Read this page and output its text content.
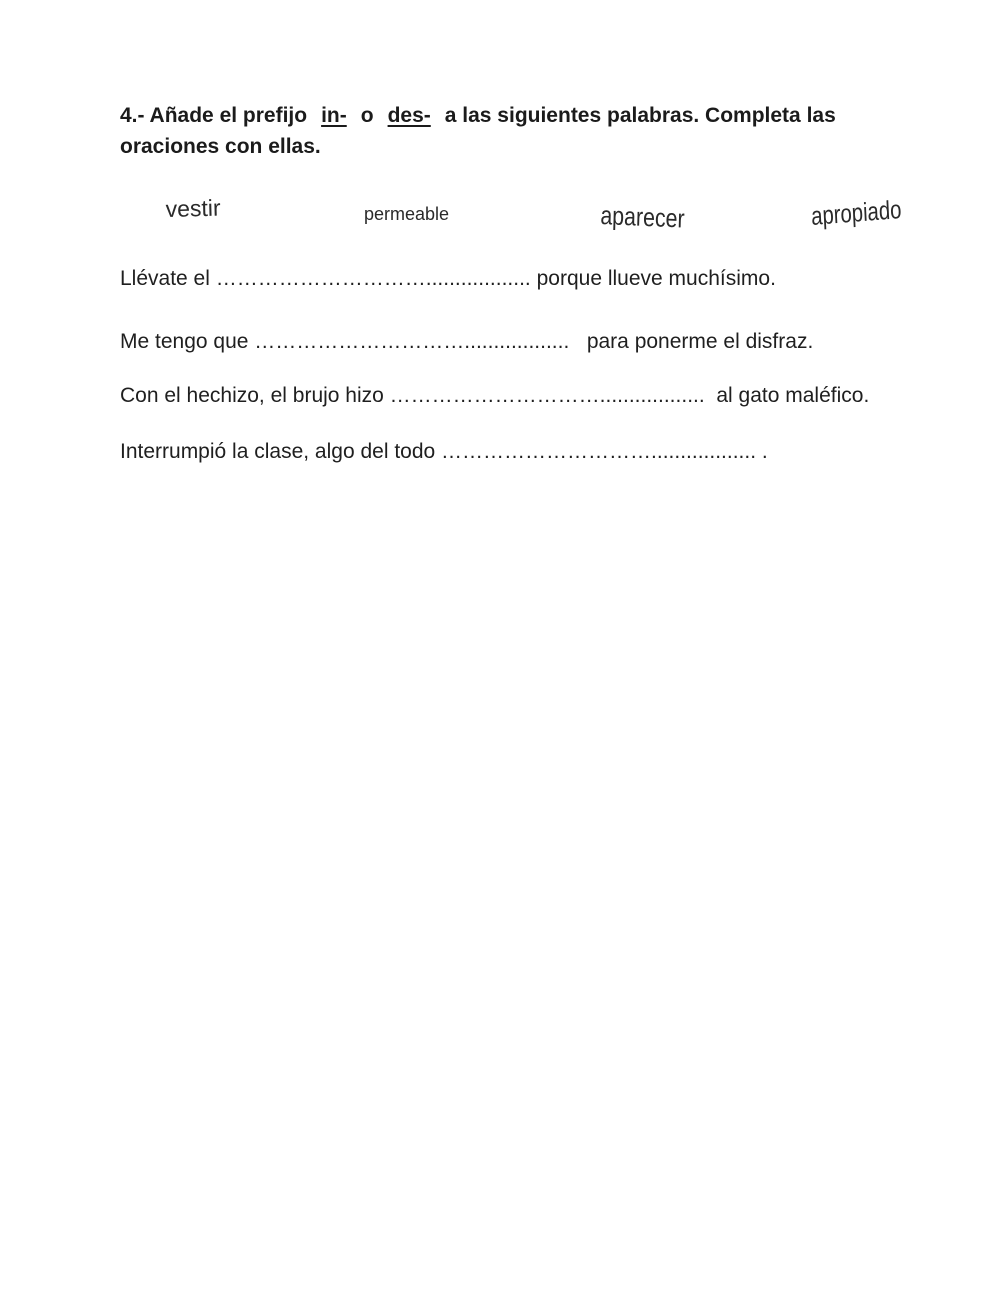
4.- Añade el prefijo in- o des- a las siguientes palabras. Completa las oraciones con ellas.
vestir	permeable	aparecer	apropiado
Llévate el ………………………….................. porque llueve muchísimo.
Me tengo que ………………………….................. para ponerme el disfraz.
Con el hechizo, el brujo hizo ………………………….................. al gato maléfico.
Interrumpió la clase, algo del todo ………………………….................. .
